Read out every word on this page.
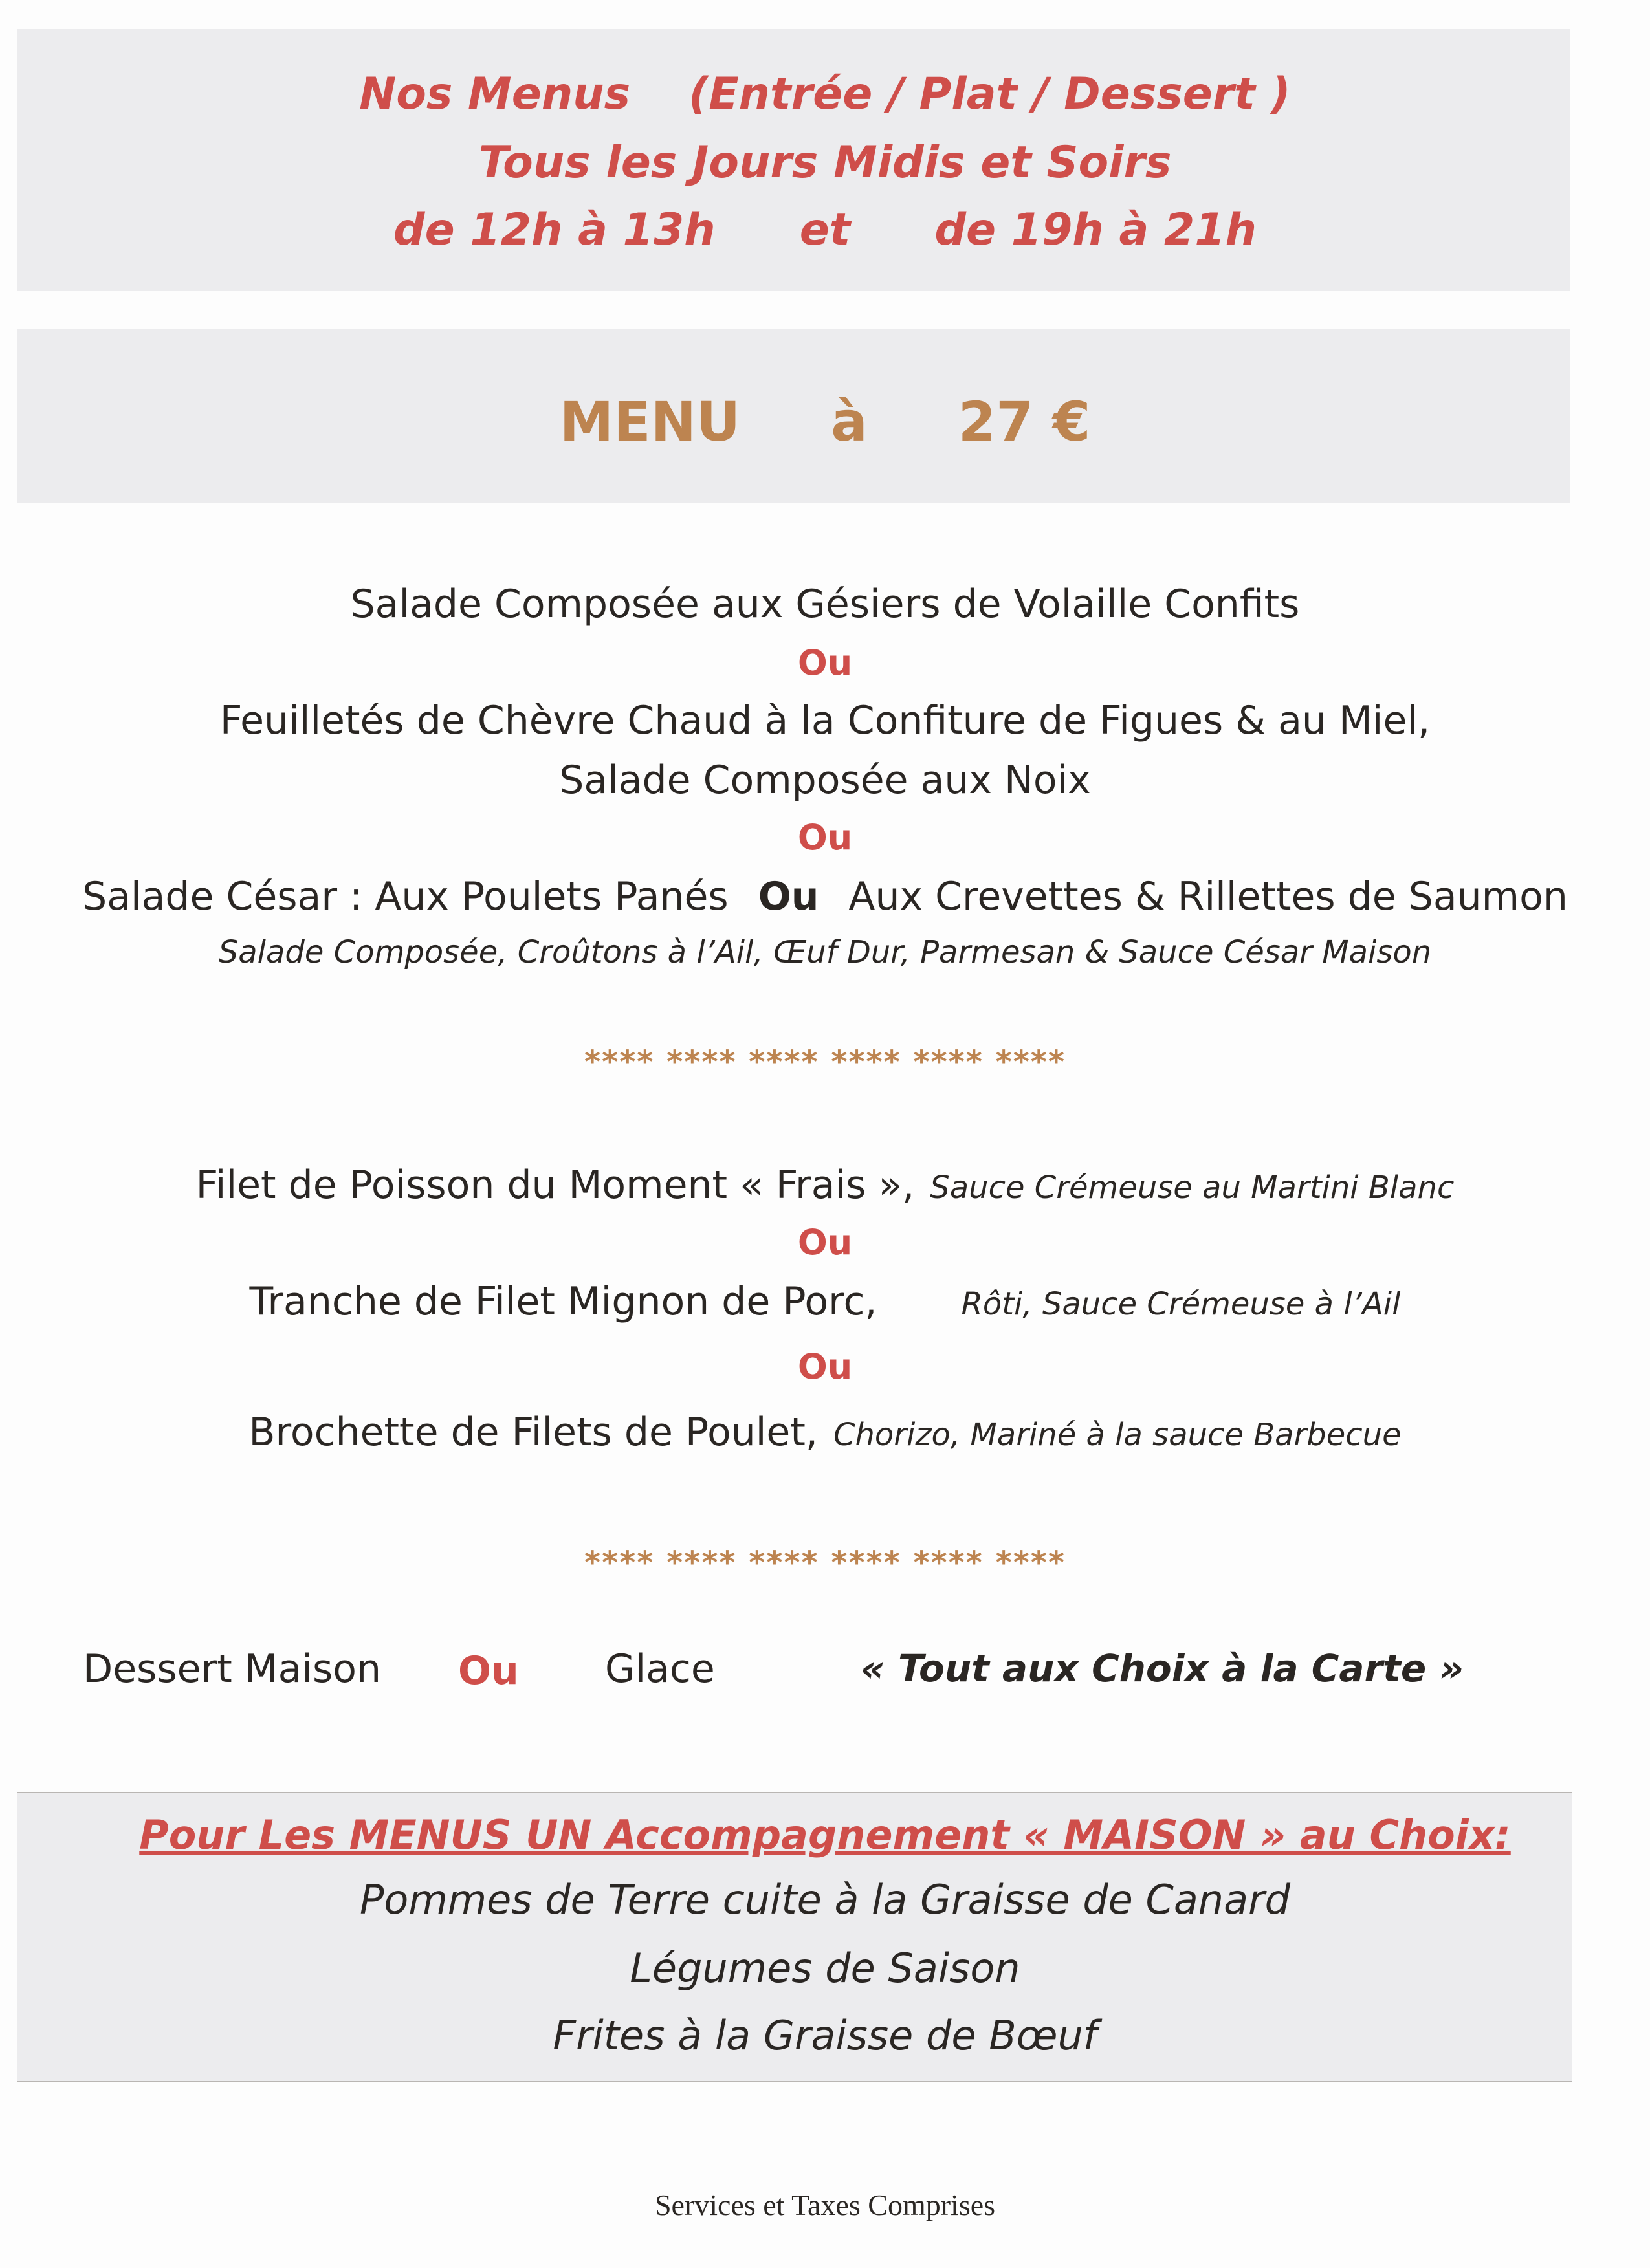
Nos Menus (Entrée / Plat / Dessert )
Tous les Jours Midis et Soirs
de 12h à 13h et de 19h à 21h
MENU à 27 €
Salade Composée aux Gésiers de Volaille Confits
Ou
Feuilletés de Chèvre Chaud à la Confiture de Figues & au Miel,
Salade Composée aux Noix
Ou
Salade César : Aux Poulets Panés Ou Aux Crevettes & Rillettes de Saumon
Salade Composée, Croûtons à l’Ail, Œuf Dur, Parmesan & Sauce César Maison
**** **** **** **** **** ****
Filet de Poisson du Moment « Frais », Sauce Crémeuse au Martini Blanc
Ou
Tranche de Filet Mignon de Porc,	Rôti, Sauce Crémeuse à l’Ail
Ou
Brochette de Filets de Poulet, Chorizo, Mariné à la sauce Barbecue
**** **** **** **** **** ****
Dessert Maison Ou Glace	« Tout aux Choix à la Carte »
Pour Les MENUS UN Accompagnement « MAISON » au Choix:
Pommes de Terre cuite à la Graisse de Canard
Légumes de Saison
Frites à la Graisse de Bœuf
Services et Taxes Comprises
